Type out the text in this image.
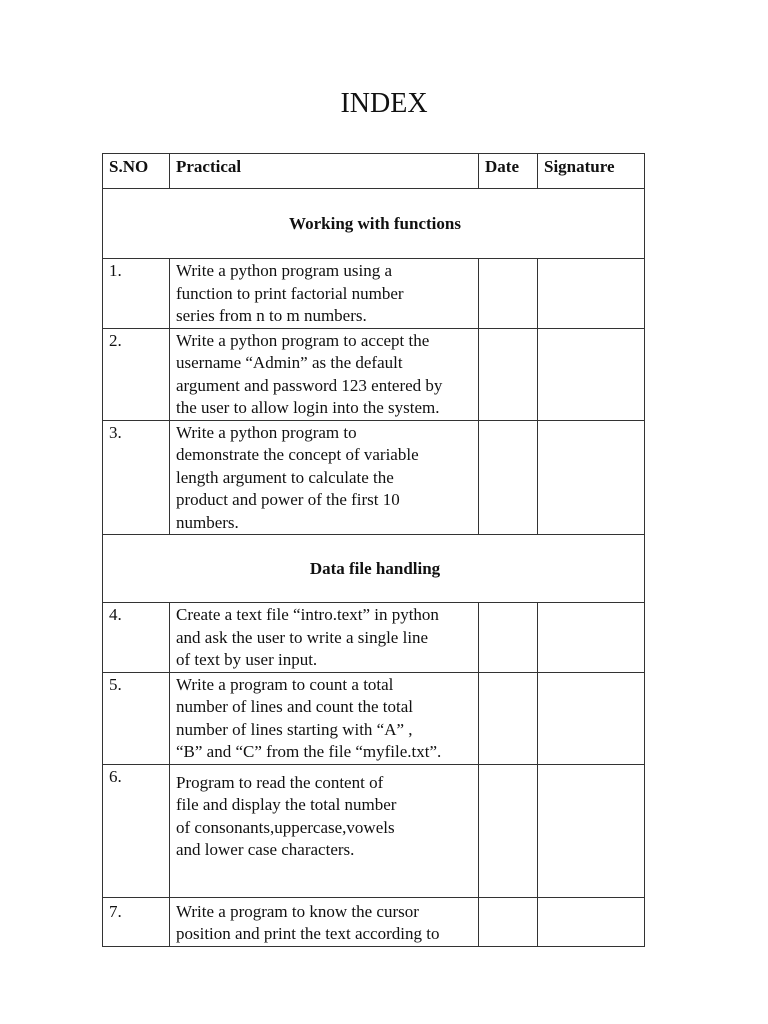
INDEX
S.NO	Practical	Date	Signature
Working with functions			
1.	Write a python program using a
function to print factorial number
series from n to m numbers.		
2.	Write a python program to accept the
username “Admin” as the default
argument and password 123 entered by
the user to allow login into the system.		
3.	Write a python program to
demonstrate the concept of variable
length argument to calculate the
product and power of the first 10
numbers.		
Data file handling			
4.	Create a text file “intro.text” in python
and ask the user to write a single line
of text by user input.		
5.	Write a program to count a total
number of lines and count the total
number of lines starting with “A” ,
“B” and “C” from the file “myfile.txt”.		
6.	Program to read the content of
file and display the total number
of consonants,uppercase,vowels
and lower case characters.		
7.	Write a program to know the cursor
position and print the text according to		
